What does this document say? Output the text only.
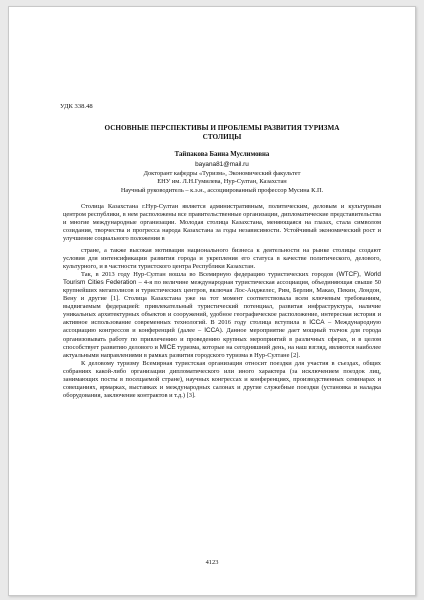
УДК 338.48

ОСНОВНЫЕ ПЕРСПЕКТИВЫ И ПРОБЛЕМЫ РАЗВИТИЯ ТУРИЗМА
СТОЛИЦЫ

Тайпакова Баина Муслимовна

bayana81@mail.ru

Докторант кафедры «Туризм», Экономический факультет

ЕНУ им. Л.Н.Гумилева, Нур-Султан, Казахстан

Научный руководитель – к.э.н., ассоциированный профессор Мусина К.П.

Столица Казахстана г.Нур-Султан является административным, политическим, деловым и культурным центром республики, в нем расположены все правительственные организации, дипломатические представительства и многие международные организации. Молодая столица Казахстана, меняющаяся на глазах, стала символом созидания, творчества и прогресса народа Казахстана за годы независимости. Устойчивый экономический рост и улучшение социального положения в

стране, а также высокая мотивация национального бизнеса к деятельности на рынке столицы создают условия для интенсификации развития города и укрепления его статуса в качестве политического, делового, культурного, и в частности туристского центра Республики Казахстан.

Так, в 2013 году Нур-Султан вошла во Всемирную федерацию туристических городов (WTCF), World Tourism Cities Federation – 4-я по величине международная туристическая ассоциация, объединяющая свыше 50 крупнейших мегаполисов и туристических центров, включая Лос-Анджелес, Рим, Берлин, Макао, Пекин, Лондон, Вену и другие [1]. Столица Казахстана уже на тот момент соответствовала всем ключевым требованиям, выдвигаемым федерацией: привлекательный туристический потенциал, развитая инфраструктура, наличие уникальных архитектурных объектов и сооружений, удобное географическое расположение, интересная история и активное использование современных технологий. В 2016 году столица вступила в ICCA – Международную ассоциацию конгрессов и конференций (далее – ICCA). Данное мероприятие дает мощный толчок для города организовывать работу по привлечению и проведению крупных мероприятий в различных сферах, и в целом способствует развитию делового и MICE туризма, которые на сегодняшний день, на наш взгляд, являются наиболее актуальными направлениями в рамках развития городского туризма в Нур-Султане [2].

К деловому туризму Всемирная туристская организация относит поездки для участия в съездах, общих собраниях какой-либо организации дипломатического или иного характера (за исключением поездок лиц, занимающих посты в посещаемой стране), научных конгрессах и конференциях, производственных семинарах и совещаниях, ярмарках, выставках и международных салонах и другие служебные поездки (установка и наладка оборудования, заключение контрактов и т.д.) [3].

4123
